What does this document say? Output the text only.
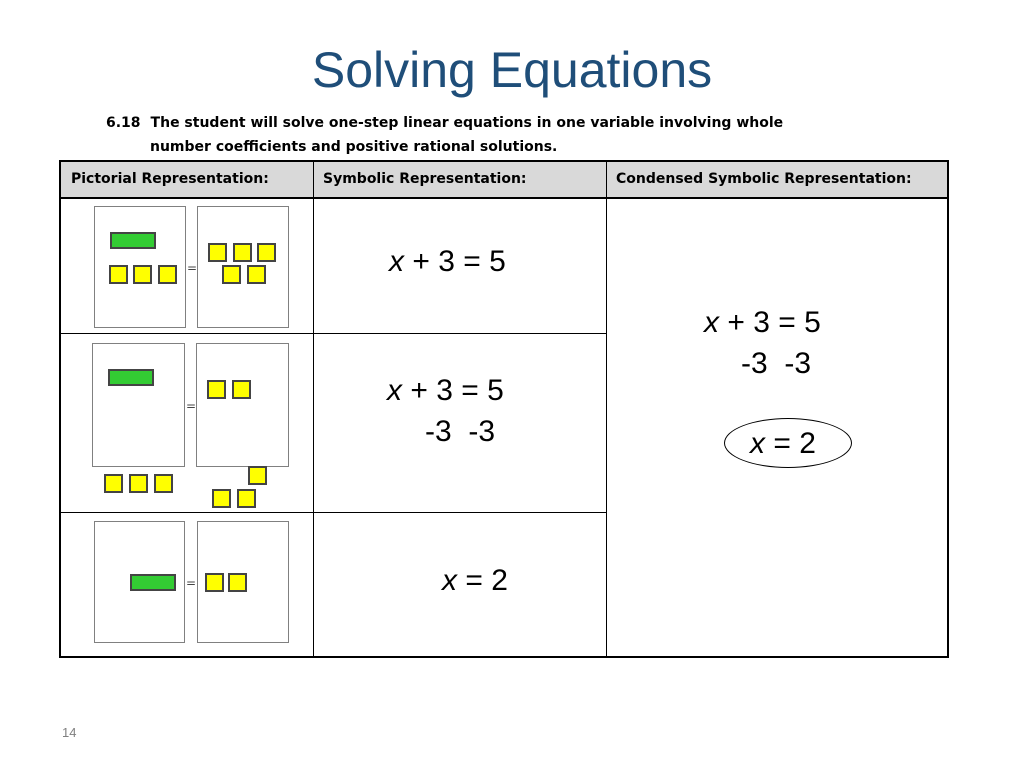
Solving Equations
6.18 The student will solve one-step linear equations in one variable involving whole
number coefficients and positive rational solutions.
Pictorial Representation:	Symbolic Representation:	Condensed Symbolic Representation:
=
=
=
x + 3 = 5
x + 3 = 5
-3  -3
x = 2
x + 3 = 5
-3  -3
x = 2
14
